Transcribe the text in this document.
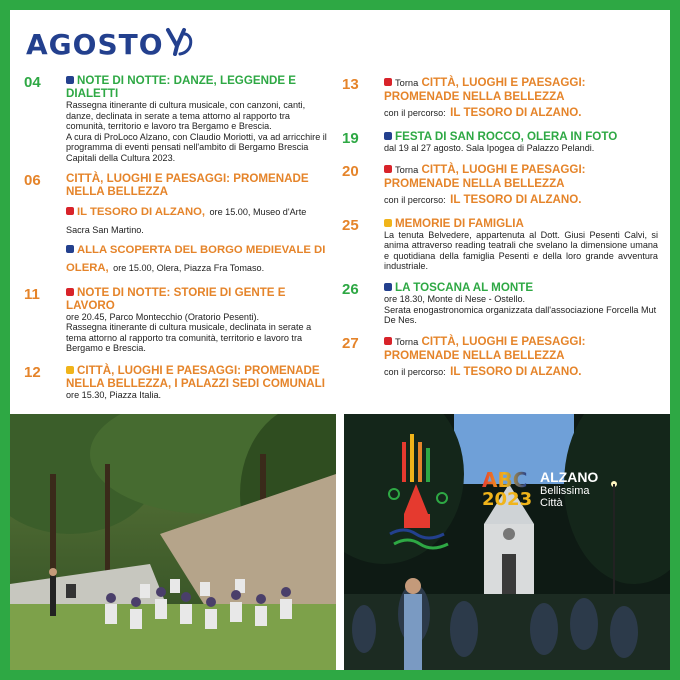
AGOSTO
04	NOTE DI NOTTE: DANZE, LEGGENDE E DIALETTI
Rassegna itinerante di cultura musicale, con canzoni, canti, danze, declinata in serate a tema attorno al rapporto tra comunità, territorio e lavoro tra Bergamo e Brescia.
A cura di ProLoco Alzano, con Claudio Moriotti, va ad arricchire il programma di eventi pensati nell'ambito di Bergamo Brescia Capitali della Cultura 2023.
06 CITTÀ, LUOGHI E PAESAGGI: PROMENADE NELLA BELLEZZA
IL TESORO DI ALZANO, ore 15.00, Museo d'Arte Sacra San Martino.
ALLA SCOPERTA DEL BORGO MEDIEVALE DI OLERA, ore 15.00, Olera, Piazza Fra Tomaso.
11	NOTE DI NOTTE: STORIE DI GENTE E LAVORO
ore 20.45, Parco Montecchio (Oratorio Pesenti).
Rassegna itinerante di cultura musicale, declinata in serate a tema attorno al rapporto tra comunità, territorio e lavoro tra Bergamo e Brescia.
12	CITTÀ, LUOGHI E PAESAGGI: PROMENADE NELLA BELLEZZA, I PALAZZI SEDI COMUNALI
ore 15.30, Piazza Italia.
13	Torna CITTÀ, LUOGHI E PAESAGGI: PROMENADE NELLA BELLEZZA
con il percorso: IL TESORO DI ALZANO.
19	FESTA DI SAN ROCCO, OLERA IN FOTO
dal 19 al 27 agosto. Sala Ipogea di Palazzo Pelandi.
20	Torna CITTÀ, LUOGHI E PAESAGGI: PROMENADE NELLA BELLEZZA
con il percorso: IL TESORO DI ALZANO.
25	MEMORIE DI FAMIGLIA
La tenuta Belvedere, appartenuta al Dott. Giusi Pesenti Calvi, si anima attraverso reading teatrali che svelano la dimensione umana e quotidiana della famiglia Pesenti e della loro grande avventura industriale.
26	LA TOSCANA AL MONTE
ore 18.30, Monte di Nese - Ostello.
Serata enogastronomica organizzata dall'associazione Forcella Mut De Nes.
27	Torna CITTÀ, LUOGHI E PAESAGGI: PROMENADE NELLA BELLEZZA
con il percorso: IL TESORO DI ALZANO.
ABC
2023
ALZANO
Bellissima
Città
